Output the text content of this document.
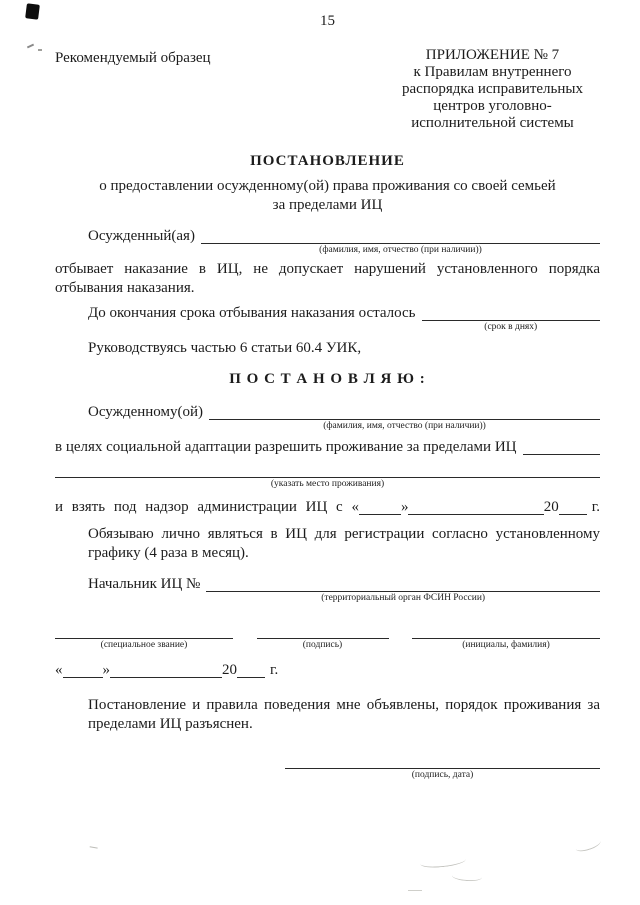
15
Рекомендуемый образец	ПРИЛОЖЕНИЕ № 7
к Правилам внутреннего
распорядка исправительных
центров уголовно-
исполнительной системы
ПОСТАНОВЛЕНИЕ
о предоставлении осужденному(ой) права проживания со своей семьей
за пределами ИЦ
Осужденный(ая)
(фамилия, имя, отчество (при наличии))
отбывает наказание в ИЦ, не допускает нарушений установленного порядка отбывания наказания.
До окончания срока отбывания наказания осталось
(срок в днях)
Руководствуясь частью 6 статьи 60.4 УИК,
П О С Т А Н О В Л Я Ю :
Осужденному(ой)
(фамилия, имя, отчество (при наличии))
в целях социальной адаптации разрешить проживание за пределами ИЦ
(указать место проживания)
и взять под надзор администрации ИЦ с «	»	20	г.
Обязываю лично являться в ИЦ для регистрации согласно установленному графику (4 раза в месяц).
Начальник ИЦ №
(территориальный орган ФСИН России)
(специальное звание)	(подпись)	(инициалы, фамилия)
«	»	20	г.
Постановление и правила поведения мне объявлены, порядок проживания за пределами ИЦ разъяснен.
(подпись, дата)
